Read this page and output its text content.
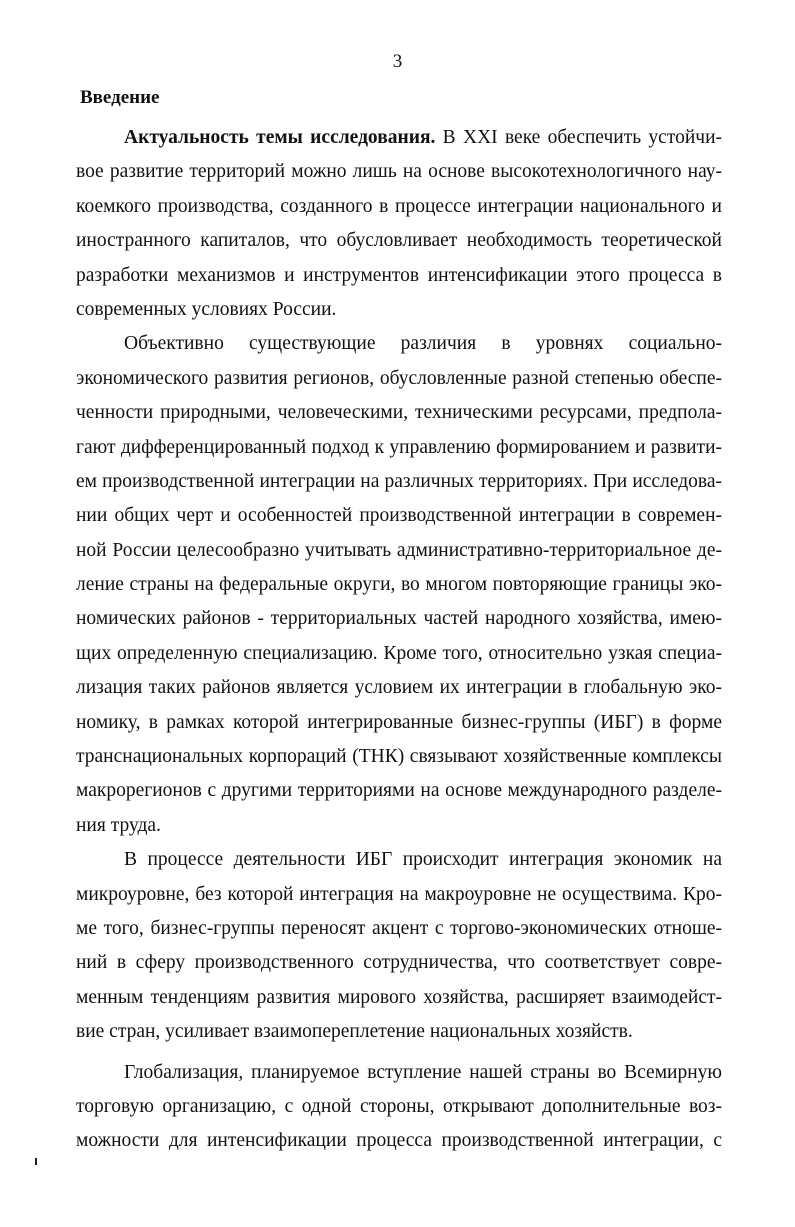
3
Введение
Актуальность темы исследования. В XXI веке обеспечить устойчи-
вое развитие территорий можно лишь на основе высокотехнологичного нау-
коемкого производства, созданного в процессе интеграции национального и
иностранного капиталов, что обусловливает необходимость теоретической
разработки механизмов и инструментов интенсификации этого процесса в
современных условиях России.
Объективно существующие различия в уровнях социально-
экономического развития регионов, обусловленные разной степенью обеспе-
ченности природными, человеческими, техническими ресурсами, предпола-
гают дифференцированный подход к управлению формированием и развити-
ем производственной интеграции на различных территориях. При исследова-
нии общих черт и особенностей производственной интеграции в современ-
ной России целесообразно учитывать административно-территориальное де-
ление страны на федеральные округи, во многом повторяющие границы эко-
номических районов - территориальных частей народного хозяйства, имею-
щих определенную специализацию. Кроме того, относительно узкая специа-
лизация таких районов является условием их интеграции в глобальную эко-
номику, в рамках которой интегрированные бизнес-группы (ИБГ) в форме
транснациональных корпораций (ТНК) связывают хозяйственные комплексы
макрорегионов с другими территориями на основе международного разделе-
ния труда.
В процессе деятельности ИБГ происходит интеграция экономик на
микроуровне, без которой интеграция на макроуровне не осуществима. Кро-
ме того, бизнес-группы переносят акцент с торгово-экономических отноше-
ний в сферу производственного сотрудничества, что соответствует совре-
менным тенденциям развития мирового хозяйства, расширяет взаимодейст-
вие стран, усиливает взаимопереплетение национальных хозяйств.
Глобализация, планируемое вступление нашей страны во Всемирную
торговую организацию, с одной стороны, открывают дополнительные воз-
можности для интенсификации процесса производственной интеграции, с
